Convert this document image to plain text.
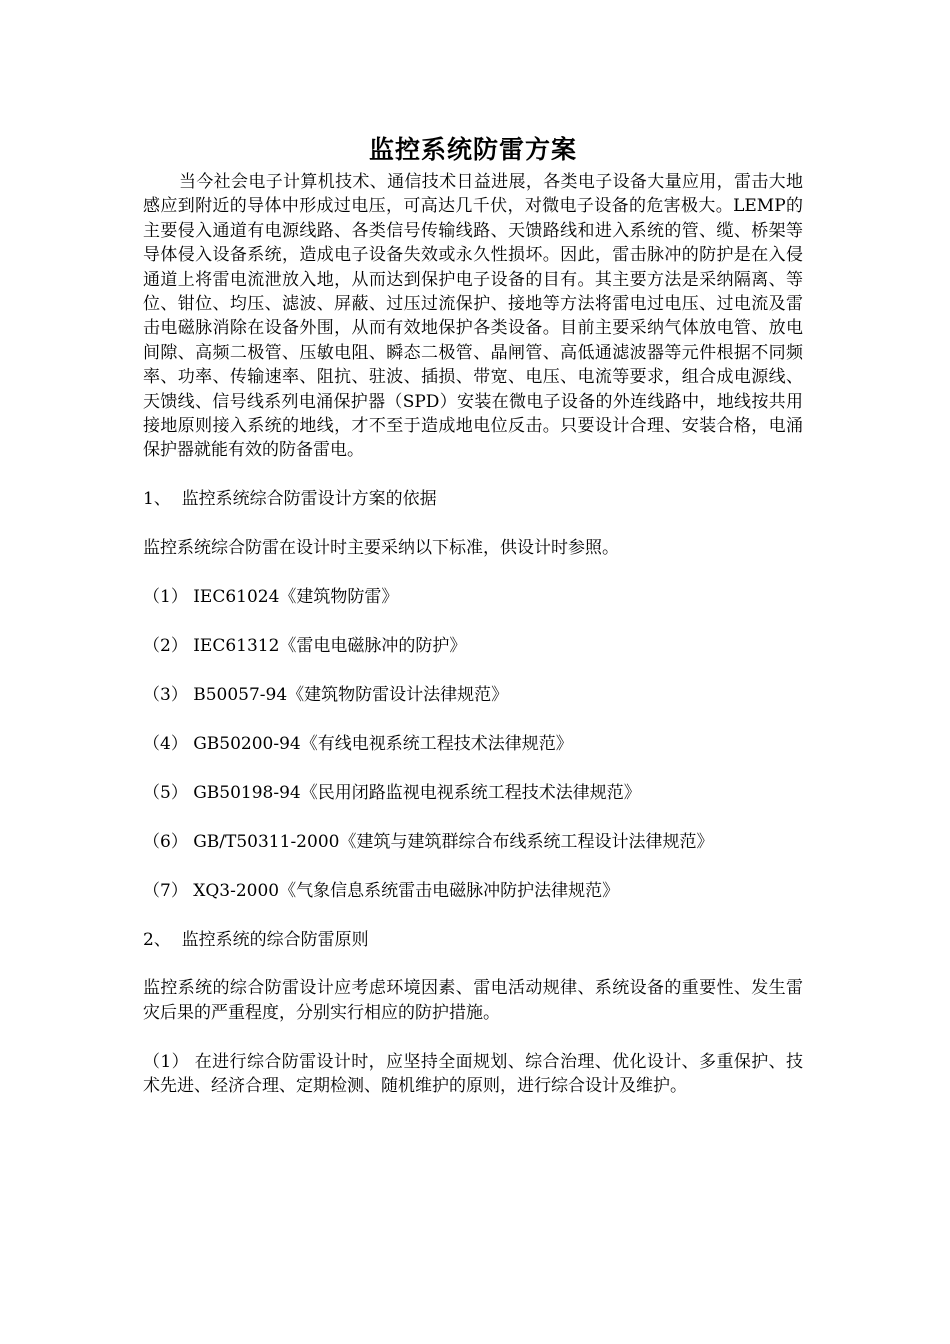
监控系统防雷方案

当今社会电子计算机技术、通信技术日益进展，各类电子设备大量应用，雷击大地感应到附近的导体中形成过电压，可高达几千伏，对微电子设备的危害极大。LEMP的主要侵入通道有电源线路、各类信号传输线路、天馈路线和进入系统的管、缆、桥架等导体侵入设备系统，造成电子设备失效或永久性损坏。因此，雷击脉冲的防护是在入侵通道上将雷电流泄放入地，从而达到保护电子设备的目有。其主要方法是采纳隔离、等位、钳位、均压、滤波、屏蔽、过压过流保护、接地等方法将雷电过电压、过电流及雷击电磁脉消除在设备外围，从而有效地保护各类设备。目前主要采纳气体放电管、放电间隙、高频二极管、压敏电阻、瞬态二极管、晶闸管、高低通滤波器等元件根据不同频率、功率、传输速率、阻抗、驻波、插损、带宽、电压、电流等要求，组合成电源线、天馈线、信号线系列电涌保护器（SPD）安装在微电子设备的外连线路中，地线按共用接地原则接入系统的地线，才不至于造成地电位反击。只要设计合理、安装合格，电涌保护器就能有效的防备雷电。

1、  监控系统综合防雷设计方案的依据

监控系统综合防雷在设计时主要采纳以下标准，供设计时参照。

（1） IEC61024《建筑物防雷》

（2） IEC61312《雷电电磁脉冲的防护》

（3） B50057-94《建筑物防雷设计法律规范》

（4） GB50200-94《有线电视系统工程技术法律规范》

（5） GB50198-94《民用闭路监视电视系统工程技术法律规范》

（6） GB/T50311-2000《建筑与建筑群综合布线系统工程设计法律规范》

（7） XQ3-2000《气象信息系统雷击电磁脉冲防护法律规范》

2、  监控系统的综合防雷原则

监控系统的综合防雷设计应考虑环境因素、雷电活动规律、系统设备的重要性、发生雷灾后果的严重程度，分别实行相应的防护措施。

（1） 在进行综合防雷设计时，应坚持全面规划、综合治理、优化设计、多重保护、技术先进、经济合理、定期检测、随机维护的原则，进行综合设计及维护。
